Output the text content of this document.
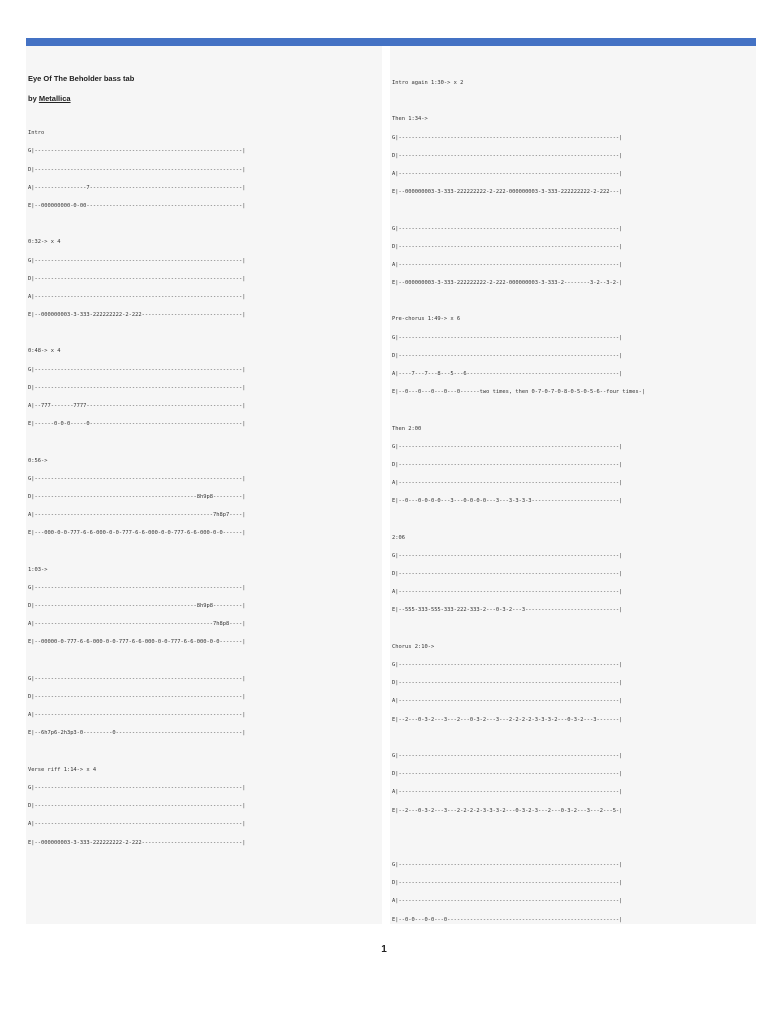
Eye Of The Beholder bass tab
by Metallica
Intro
G|----------------------------------------------------------------|
D|----------------------------------------------------------------|
A|----------------7-----------------------------------------------|
E|--000000000-0-00------------------------------------------------|
0:32-> x 4
G|----------------------------------------------------------------|
D|----------------------------------------------------------------|
A|----------------------------------------------------------------|
E|--000000003-3-333-222222222-2-222-------------------------------|
0:48-> x 4
G|----------------------------------------------------------------|
D|----------------------------------------------------------------|
A|--777-------7777------------------------------------------------|
E|------0-0-0-----0-----------------------------------------------|
0:56->
G|----------------------------------------------------------------|
D|--------------------------------------------------8h9p8---------|
A|-------------------------------------------------------7h8p7----|
E|---000-0-0-777-6-6-000-0-0-777-6-6-000-0-0-777-6-6-000-0-0------|
1:03->
G|----------------------------------------------------------------|
D|--------------------------------------------------8h9p8---------|
A|-------------------------------------------------------7h8p8----|
E|--00000-0-777-6-6-000-0-0-777-6-6-000-0-0-777-6-6-000-0-0-------|
G|----------------------------------------------------------------|
D|----------------------------------------------------------------|
A|----------------------------------------------------------------|
E|--6h7p6-2h3p3-0---------0---------------------------------------|
Verse riff 1:14-> x 4
G|----------------------------------------------------------------|
D|----------------------------------------------------------------|
A|----------------------------------------------------------------|
E|--000000003-3-333-222222222-2-222-------------------------------|
Intro again 1:30-> x 2
Then 1:34->
G|--------------------------------------------------------------------|
D|--------------------------------------------------------------------|
A|--------------------------------------------------------------------|
E|--000000003-3-333-222222222-2-222-000000003-3-333-222222222-2-222---|
G|--------------------------------------------------------------------|
D|--------------------------------------------------------------------|
A|--------------------------------------------------------------------|
E|--000000003-3-333-222222222-2-222-000000003-3-333-2--------3-2--3-2-|
Pre-chorus 1:49-> x 6
G|--------------------------------------------------------------------|
D|--------------------------------------------------------------------|
A|----7---7---8---5---6-----------------------------------------------|
E|--0---0---0---0---0------two times, then 0-7-0-7-0-8-0-5-0-5-6--four times-|
Then 2:00
G|--------------------------------------------------------------------|
D|--------------------------------------------------------------------|
A|--------------------------------------------------------------------|
E|--0---0-0-0-0---3---0-0-0-0---3---3-3-3-3---------------------------|
2:06
G|--------------------------------------------------------------------|
D|--------------------------------------------------------------------|
A|--------------------------------------------------------------------|
E|--555-333-555-333-222-333-2---0-3-2---3-----------------------------|
Chorus 2:10->
G|--------------------------------------------------------------------|
D|--------------------------------------------------------------------|
A|--------------------------------------------------------------------|
E|--2---0-3-2---3---2---0-3-2---3---2-2-2-2-3-3-3-2---0-3-2---3-------|
G|--------------------------------------------------------------------|
D|--------------------------------------------------------------------|
A|--------------------------------------------------------------------|
E|--2---0-3-2---3---2-2-2-2-3-3-3-2---0-3-2-3---2---0-3-2---3---2---5-|
G|--------------------------------------------------------------------|
D|--------------------------------------------------------------------|
A|--------------------------------------------------------------------|
E|--0-0---0-0---0-----------------------------------------------------|
1
